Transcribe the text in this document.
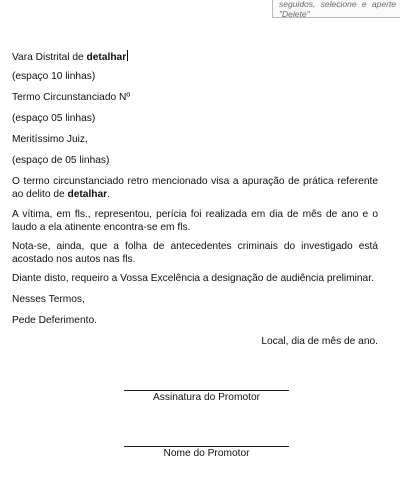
seguidos, selecione e aperte
"Delete"
Vara Distrital de detalhar
(espaço 10 linhas)
Termo Circunstanciado Nº
(espaço 05 linhas)
Meritíssimo Juiz,
(espaço de 05 linhas)
O termo circunstanciado retro mencionado visa a apuração de prática referente ao delito de detalhar.
A vítima, em fls., representou, perícia foi realizada em dia de mês de ano e o laudo a ela atinente encontra-se em fls.
Nota-se, ainda, que a folha de antecedentes criminais do investigado está acostado nos autos nas fls.
Diante disto, requeiro a Vossa Excelência a designação de audiência preliminar.
Nesses Termos,
Pede Deferimento.
Local, dia de mês de ano.
Assinatura do Promotor
Nome do Promotor
